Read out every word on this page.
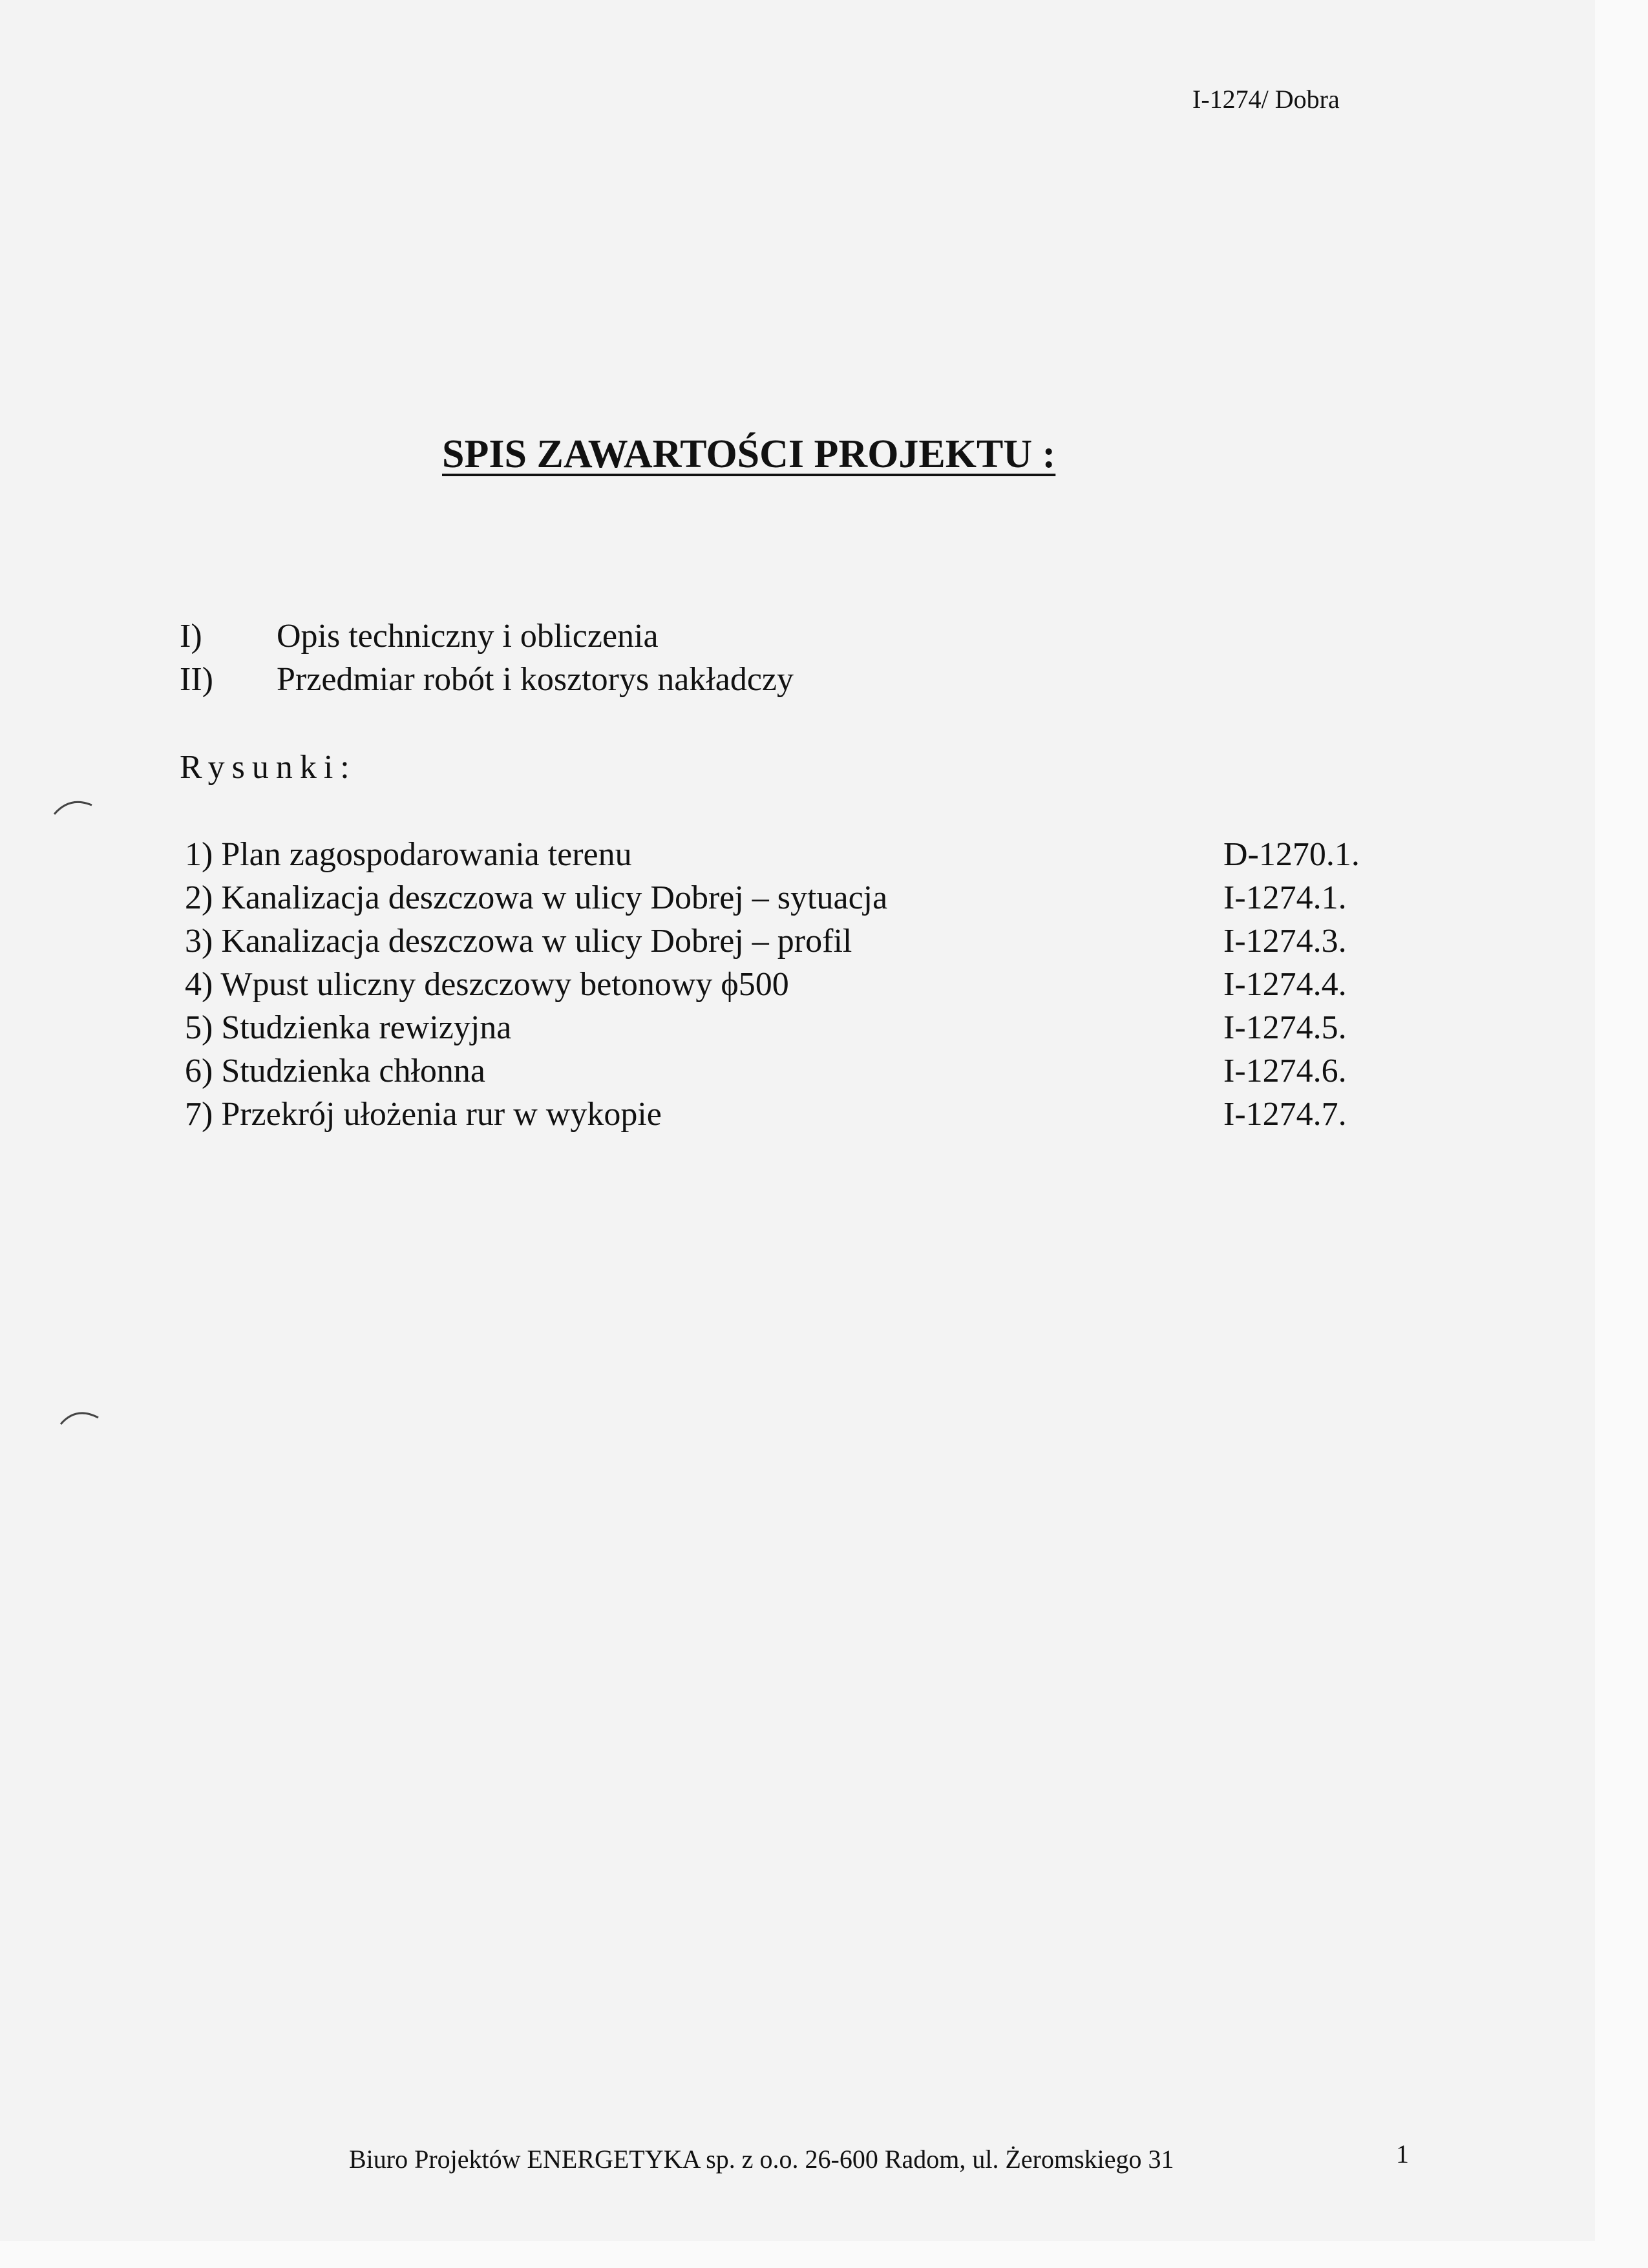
I-1274/ Dobra
SPIS ZAWARTOŚCI PROJEKTU :
I) Opis techniczny i obliczenia
II) Przedmiar robót i kosztorys nakładczy
Rysunki:
1) Plan zagospodarowania terenu	D-1270.1.
2) Kanalizacja deszczowa w ulicy Dobrej – sytuacja	I-1274.1.
3) Kanalizacja deszczowa w ulicy Dobrej – profil	I-1274.3.
4) Wpust uliczny deszczowy betonowy ϕ500	I-1274.4.
5) Studzienka rewizyjna	I-1274.5.
6) Studzienka chłonna	I-1274.6.
7) Przekrój ułożenia rur w wykopie	I-1274.7.
Biuro Projektów ENERGETYKA sp. z o.o. 26-600 Radom, ul. Żeromskiego 31	1
